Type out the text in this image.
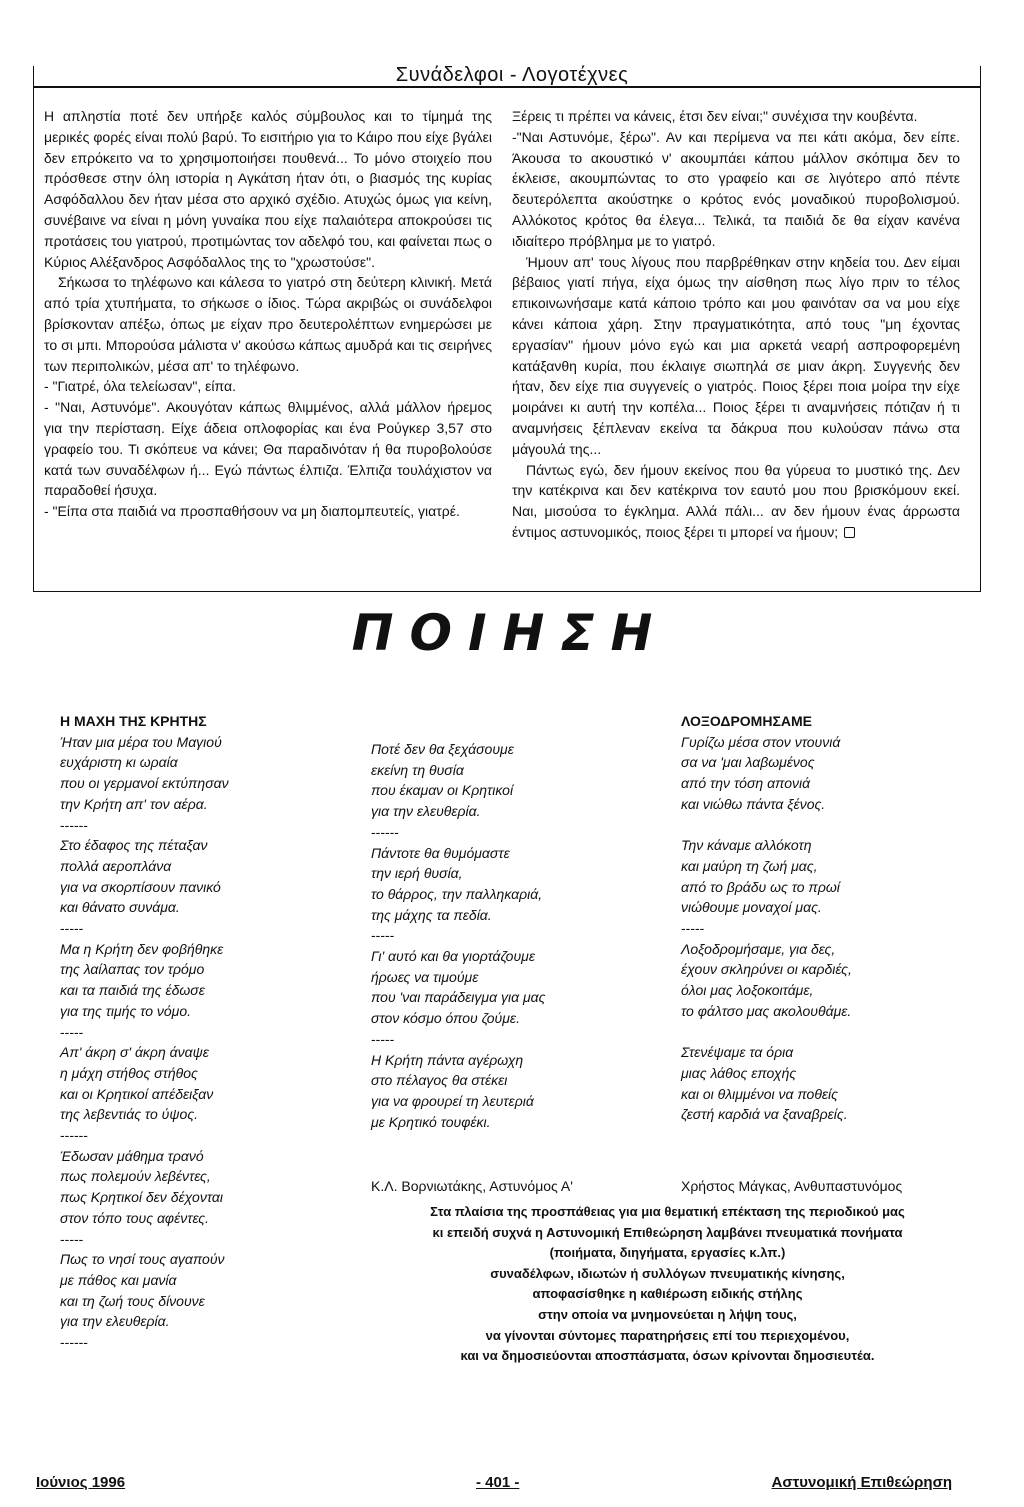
Συνάδελφοι - Λογοτέχνες

Η απληστία ποτέ δεν υπήρξε καλός σύμβουλος και το τίμημά της μερικές φορές είναι πολύ βαρύ. Το εισιτήριο για το Κάιρο που είχε βγάλει δεν επρόκειτο να το χρησιμοποιήσει πουθενά... Το μόνο στοιχείο που πρόσθεσε στην όλη ιστορία η Αγκάτση ήταν ότι, ο βιασμός της κυρίας Ασφόδαλλου δεν ήταν μέσα στο αρχικό σχέδιο. Ατυχώς όμως για κείνη, συνέβαινε να είναι η μόνη γυναίκα που είχε παλαιότερα αποκρούσει τις προτάσεις του γιατρού, προτιμώντας τον αδελφό του, και φαίνεται πως ο Κύριος Αλέξανδρος Ασφόδαλλος της το "χρωστούσε".

Σήκωσα το τηλέφωνο και κάλεσα το γιατρό στη δεύτερη κλινική. Μετά από τρία χτυπήματα, το σήκωσε ο ίδιος. Τώρα ακριβώς οι συνάδελφοι βρίσκονταν απέξω, όπως με είχαν προ δευτερολέπτων ενημερώσει με το σι μπι. Μπορούσα μάλιστα ν' ακούσω κάπως αμυδρά και τις σειρήνες των περιπολικών, μέσα απ' το τηλέφωνο.

- "Γιατρέ, όλα τελείωσαν", είπα.

- "Ναι, Αστυνόμε". Ακουγόταν κάπως θλιμμένος, αλλά μάλλον ήρεμος για την περίσταση. Είχε άδεια οπλοφορίας και ένα Ρούγκερ 3,57 στο γραφείο του. Τι σκόπευε να κάνει; Θα παραδινόταν ή θα πυροβολούσε κατά των συναδέλφων ή... Εγώ πάντως έλπιζα. Έλπιζα τουλάχιστον να παραδοθεί ήσυχα.

- "Είπα στα παιδιά να προσπαθήσουν να μη διαπομπευτείς, γιατρέ.

Ξέρεις τι πρέπει να κάνεις, έτσι δεν είναι;" συνέχισα την κουβέντα.

-"Ναι Αστυνόμε, ξέρω". Αν και περίμενα να πει κάτι ακόμα, δεν είπε. Άκουσα το ακουστικό ν' ακουμπάει κάπου μάλλον σκόπιμα δεν το έκλεισε, ακουμπώντας το στο γραφείο και σε λιγότερο από πέντε δευτερόλεπτα ακούστηκε ο κρότος ενός μοναδικού πυροβολισμού. Αλλόκοτος κρότος θα έλεγα... Τελικά, τα παιδιά δε θα είχαν κανένα ιδιαίτερο πρόβλημα με το γιατρό.

Ήμουν απ' τους λίγους που παρβρέθηκαν στην κηδεία του. Δεν είμαι βέβαιος γιατί πήγα, είχα όμως την αίσθηση πως λίγο πριν το τέλος επικοινωνήσαμε κατά κάποιο τρόπο και μου φαινόταν σα να μου είχε κάνει κάποια χάρη. Στην πραγματικότητα, από τους "μη έχοντας εργασίαν" ήμουν μόνο εγώ και μια αρκετά νεαρή ασπροφορεμένη κατάξανθη κυρία, που έκλαιγε σιωπηλά σε μιαν άκρη. Συγγενής δεν ήταν, δεν είχε πια συγγενείς ο γιατρός. Ποιος ξέρει ποια μοίρα την είχε μοιράνει κι αυτή την κοπέλα... Ποιος ξέρει τι αναμνήσεις πότιζαν ή τι αναμνήσεις ξέπλεναν εκείνα τα δάκρυα που κυλούσαν πάνω στα μάγουλά της...

Πάντως εγώ, δεν ήμουν εκείνος που θα γύρευα το μυστικό της. Δεν την κατέκρινα και δεν κατέκρινα τον εαυτό μου που βρισκόμουν εκεί. Ναι, μισούσα το έγκλημα. Αλλά πάλι... αν δεν ήμουν ένας άρρωστα έντιμος αστυνομικός, ποιος ξέρει τι μπορεί να ήμουν;

ΠΟΙΗΣΗ
Η ΜΑΧΗ ΤΗΣ ΚΡΗΤΗΣ
Ήταν μια μέρα του Μαγιού
ευχάριστη κι ωραία
που οι γερμανοί εκτύπησαν
την Κρήτη απ' τον αέρα.
------
Στο έδαφος της πέταξαν
πολλά αεροπλάνα
για να σκορπίσουν πανικό
και θάνατο συνάμα.
-----
Μα η Κρήτη δεν φοβήθηκε
της λαίλαπας τον τρόμο
και τα παιδιά της έδωσε
για της τιμής το νόμο.
-----
Απ' άκρη σ' άκρη άναψε
η μάχη στήθος στήθος
και οι Κρητικοί απέδειξαν
της λεβεντιάς το ύψος.
------
Έδωσαν μάθημα τρανό
πως πολεμούν λεβέντες,
πως Κρητικοί δεν δέχονται
στον τόπο τους αφέντες.
-----
Πως το νησί τους αγαπούν
με πάθος και μανία
και τη ζωή τους δίνουνε
για την ελευθερία.
------
Ποτέ δεν θα ξεχάσουμε
εκείνη τη θυσία
που έκαμαν οι Κρητικοί
για την ελευθερία.
------
Πάντοτε θα θυμόμαστε
την ιερή θυσία,
το θάρρος, την παλληκαριά,
της μάχης τα πεδία.
-----
Γι' αυτό και θα γιορτάζουμε
ήρωες να τιμούμε
που 'ναι παράδειγμα για μας
στον κόσμο όπου ζούμε.
-----
Η Κρήτη πάντα αγέρωχη
στο πέλαγος θα στέκει
για να φρουρεί τη λευτεριά
με Κρητικό τουφέκι.
Κ.Λ. Βορνιωτάκης, Αστυνόμος Α'
ΛΟΞΟΔΡΟΜΗΣΑΜΕ
Γυρίζω μέσα στον ντουνιά
σα να 'μαι λαβωμένος
από την τόση απονιά
και νιώθω πάντα ξένος.

Την κάναμε αλλόκοτη
και μαύρη τη ζωή μας,
από το βράδυ ως το πρωί
νιώθουμε μοναχοί μας.
-----
Λοξοδρομήσαμε, για δες,
έχουν σκληρύνει οι καρδιές,
όλοι μας λοξοκοιτάμε,
το φάλτσο μας ακολουθάμε.

Στενέψαμε τα όρια
μιας λάθος εποχής
και οι θλιμμένοι να ποθείς
ζεστή καρδιά να ξαναβρείς.
Χρήστος Μάγκας, Ανθυπαστυνόμος
Στα πλαίσια της προσπάθειας για μια θεματική επέκταση της περιοδικού μας
κι επειδή συχνά η Αστυνομική Επιθεώρηση λαμβάνει πνευματικά πονήματα
(ποιήματα, διηγήματα, εργασίες κ.λπ.)
συναδέλφων, ιδιωτών ή συλλόγων πνευματικής κίνησης,
αποφασίσθηκε η καθιέρωση ειδικής στήλης
στην οποία να μνημονεύεται η λήψη τους,
να γίνονται σύντομες παρατηρήσεις επί του περιεχομένου,
και να δημοσιεύονται αποσπάσματα, όσων κρίνονται δημοσιευτέα.
Ιούνιος 1996	- 401 -	Αστυνομική Επιθεώρηση
